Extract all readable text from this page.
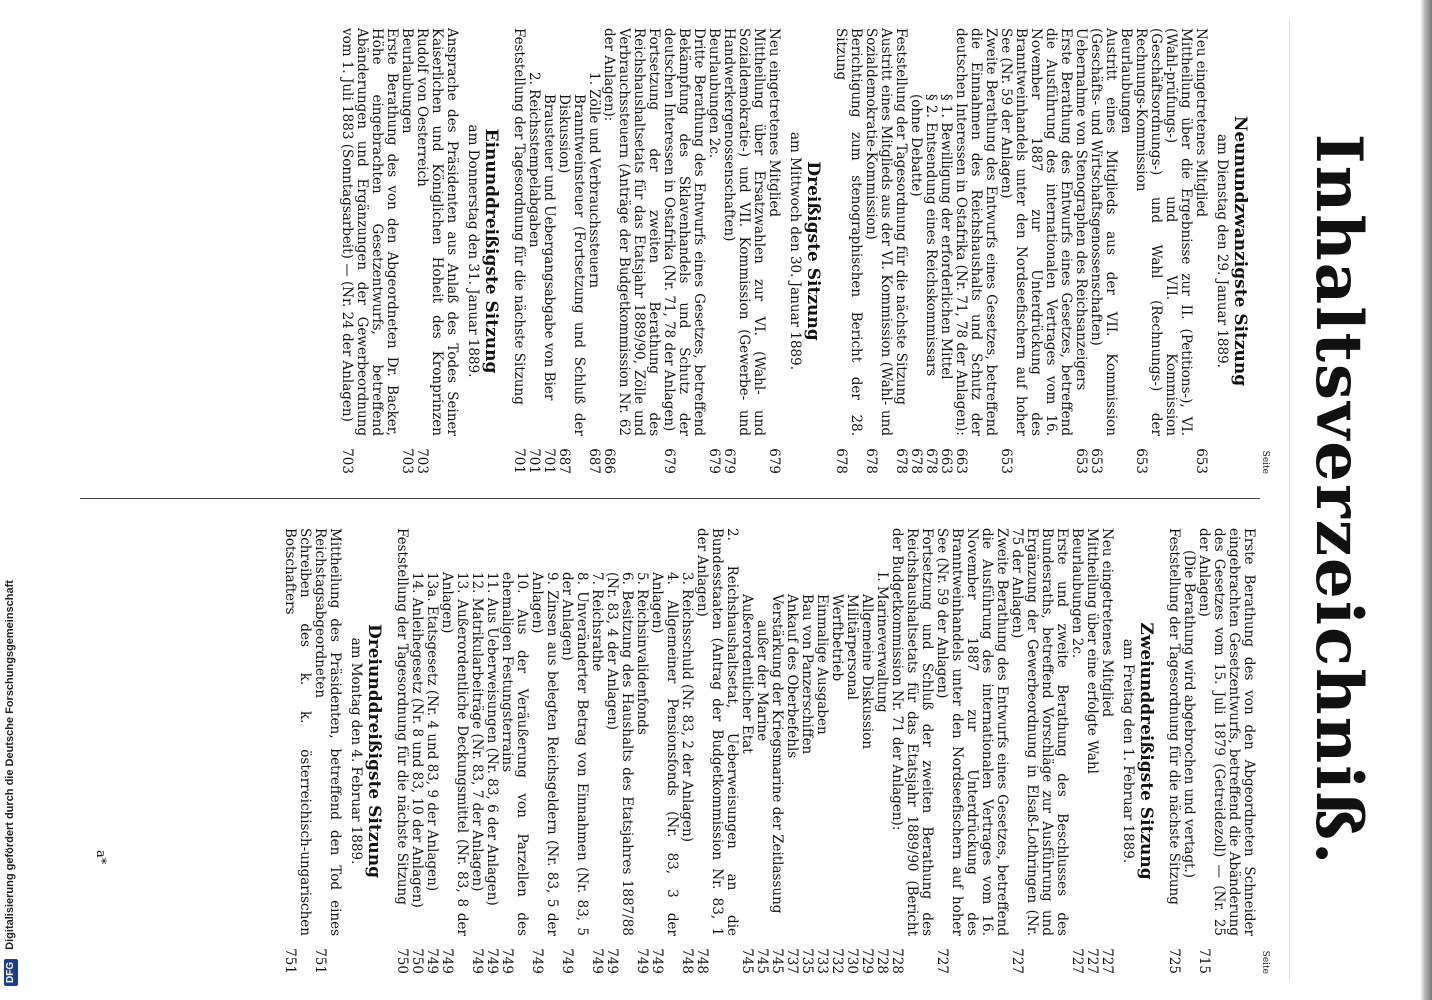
Inhaltsverzeichniß.
Seite
Neunundzwanzigste Sitzung
am Dienstag den 29. Januar 1889.
Neu eingetretenes Mitglied
653
Mittheilung über die Ergebnisse zur II. (Petitions-), VI. (Wahl-prüfungs-) und VII. Kommission (Geschäftsordnungs-) und Wahl (Rechnungs-) der Rechnungs-Kommission
653
Beurlaubungen
Austritt eines Mitglieds aus der VII. Kommission (Geschäfts- und Wirtschaftsgenossenschaften)
653
Uebernahme von Stenographen des Reichsanzeigers
653
Erste Berathung des Entwurfs eines Gesetzes, betreffend die Ausführung des internationalen Vertrages vom 16. November 1887 zur Unterdrückung des Branntweinhandels unter den Nordseefischern auf hoher See (Nr. 59 der Anlagen)
653
Zweite Berathung des Entwurfs eines Gesetzes, betreffend die Einnahmen des Reichshaushalts und Schutz der deutschen Interessen in Ostafrika (Nr. 71, 78 der Anlagen):
663
§ 1. Bewilligung der erforderlichen Mittel
663
§ 2. Entsendung eines Reichskommissars
678
(ohne Debatte)
678
Feststellung der Tagesordnung für die nächste Sitzung
678
Austritt eines Mitglieds aus der VI. Kommission (Wahl- und Sozialdemokratie-Kommission)
678
Berichtigung zum stenographischen Bericht der 28. Sitzung
678
Dreißigste Sitzung
am Mittwoch den 30. Januar 1889.
Neu eingetretenes Mitglied
679
Mittheilung über Ersatzwahlen zur VI. (Wahl- und Sozialdemokratie-) und VII. Kommission (Gewerbe- und Handwerkergenossenschaften)
679
Beurlaubungen 2c.
679
Dritte Berathung des Entwurfs eines Gesetzes, betreffend Bekämpfung des Sklavenhandels und Schutz der deutschen Interessen in Ostafrika (Nr. 71, 78 der Anlagen)
679
Fortsetzung der zweiten Berathung des Reichshaushaltsetats für das Etatsjahr 1889/90, Zölle und Verbrauchssteuern (Anträge der Budgetkommission Nr. 62 der Anlagen):
686
1. Zölle und Verbrauchssteuern
687
Branntweinsteuer (Fortsetzung und Schluß der Diskussion)
687
Brausteuer und Uebergangsabgabe von Bier
701
2. Reichsstempelabgaben
701
Feststellung der Tagesordnung für die nächste Sitzung
701
Einunddreißigste Sitzung
am Donnerstag den 31. Januar 1889.
Ansprache des Präsidenten aus Anlaß des Todes Seiner Kaiserlichen und Königlichen Hoheit des Kronprinzen Rudolf von Oesterreich
703
Beurlaubungen
703
Erste Berathung des von den Abgeordneten Dr. Backer, Höhe eingebrachten Gesetzentwurfs, betreffend Abänderungen und Ergänzungen der Gewerbeordnung vom 1. Juli 1883 (Sonntagsarbeit) — (Nr. 24 der Anlagen)
703
Seite
Erste Berathung des von den Abgeordneten Schneider eingebrachten Gesetzentwurfs, betreffend die Abänderung des Gesetzes vom 15. Juli 1879 (Getreidezoll) — (Nr. 25 der Anlagen)
715
(Die Berathung wird abgebrochen und vertagt.)
Feststellung der Tagesordnung für die nächste Sitzung
725
Zweiunddreißigste Sitzung
am Freitag den 1. Februar 1889.
Neu eingetretenes Mitglied
727
Mittheilung über eine erfolgte Wahl
727
Beurlaubungen 2c.
727
Erste und zweite Berathung des Beschlusses des Bundesraths, betreffend Vorschläge zur Ausführung und Ergänzung der Gewerbeordnung in Elsaß-Lothringen (Nr. 75 der Anlagen)
727
Zweite Berathung des Entwurfs eines Gesetzes, betreffend die Ausführung des internationalen Vertrages vom 16. November 1887 zur Unterdrückung des Branntweinhandels unter den Nordseefischern auf hoher See (Nr. 59 der Anlagen)
727
Fortsetzung und Schluß der zweiten Berathung des Reichshaushaltsetats für das Etatsjahr 1889/90 (Bericht der Budgetkommission Nr. 71 der Anlagen):
728
I. Marineverwaltung
728
Allgemeine Diskussion
729
Militärpersonal
730
Werftbetrieb
732
Einmalige Ausgaben
733
Bau von Panzerschiffen
735
Ankauf des Oberbefehls
737
Verstärkung der Kriegsmarine der Zeitlassung
745
außer der Marine
745
Außerordentlicher Etat
745
2. Reichshaushaltsetat, Ueberweisungen an die Bundesstaaten (Antrag der Budgetkommission Nr. 83, 1 der Anlagen)
748
3. Reichsschuld (Nr. 83, 2 der Anlagen)
748
4. Allgemeiner Pensionsfonds (Nr. 83, 3 der Anlagen)
749
5. Reichsinvalidenfonds
749
6. Besitzung des Haushalts des Etatsjahres 1887/88 (Nr. 83, 4 der Anlagen)
749
7. Reichsrathe
749
8. Unveränderter Betrag von Einnahmen (Nr. 83, 5 der Anlagen)
749
9. Zinsen aus belegten Reichsgeldern (Nr. 83, 5 der Anlagen)
749
10. Aus der Veräußerung von Parzellen des ehemaligen Festungsterrains
749
11. Aus Ueberweisungen (Nr. 83, 6 der Anlagen)
749
12. Matrikularbeiträge (Nr. 83, 7 der Anlagen)
749
13. Außerordentliche Deckungsmittel (Nr. 83, 8 der Anlagen)
749
13a. Etatsgesetz (Nr. 4 und 83, 9 der Anlagen)
749
14. Anleihegesetz (Nr. 8 und 83, 10 der Anlagen)
750
Feststellung der Tagesordnung für die nächste Sitzung
750
Dreiunddreißigste Sitzung
am Montag den 4. Februar 1889.
Mittheilung des Präsidenten, betreffend den Tod eines Reichstagsabgeordneten
751
Schreiben des k. k. österreichisch-ungarischen Botschafters
751
a*
DFG Digitalisierung gefördert durch die Deutsche Forschungsgemeinschaft
